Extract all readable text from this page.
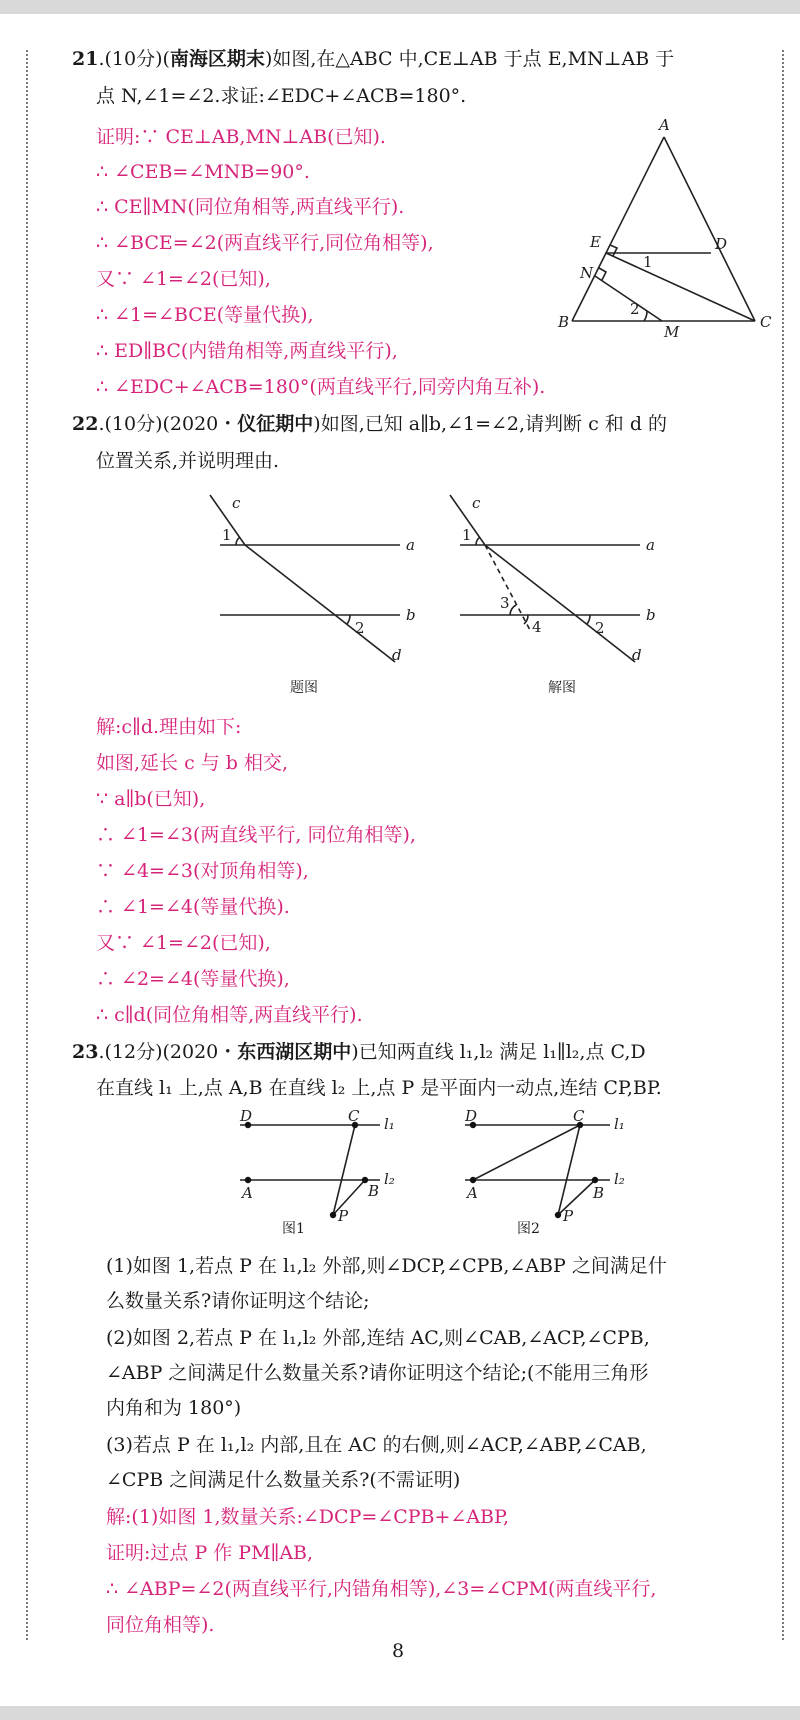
21.(10分)(南海区期末)如图,在△ABC 中,CE⊥AB 于点 E,MN⊥AB 于
点 N,∠1=∠2.求证:∠EDC+∠ACB=180°.
证明:∵ CE⊥AB,MN⊥AB(已知).
∴ ∠CEB=∠MNB=90°.
∴ CE∥MN(同位角相等,两直线平行).
∴ ∠BCE=∠2(两直线平行,同位角相等),
又∵ ∠1=∠2(已知),
∴ ∠1=∠BCE(等量代换),
∴ ED∥BC(内错角相等,两直线平行),
∴ ∠EDC+∠ACB=180°(两直线平行,同旁内角互补).
A
B	C
D
E
N
M
1
2
22.(10分)(2020・仪征期中)如图,已知 a∥b,∠1=∠2,请判断 c 和 d 的
位置关系,并说明理由.
c
a
b
d
1
2
题图
c
a
b
d
1
2
3
4
解图
解:c∥d.理由如下:
如图,延长 c 与 b 相交,
∵ a∥b(已知),
∴ ∠1=∠3(两直线平行, 同位角相等),
∵ ∠4=∠3(对顶角相等),
∴ ∠1=∠4(等量代换).
又∵ ∠1=∠2(已知),
∴ ∠2=∠4(等量代换),
∴ c∥d(同位角相等,两直线平行).
23.(12分)(2020・东西湖区期中)已知两直线 l₁,l₂ 满足 l₁∥l₂,点 C,D
在直线 l₁ 上,点 A,B 在直线 l₂ 上,点 P 是平面内一动点,连结 CP,BP.
D	C
A	B
P
l₁
l₂
图1
D	C
A	B
P
l₁
l₂
图2
(1)如图 1,若点 P 在 l₁,l₂ 外部,则∠DCP,∠CPB,∠ABP 之间满足什
么数量关系?请你证明这个结论;
(2)如图 2,若点 P 在 l₁,l₂ 外部,连结 AC,则∠CAB,∠ACP,∠CPB,
∠ABP 之间满足什么数量关系?请你证明这个结论;(不能用三角形
内角和为 180°)
(3)若点 P 在 l₁,l₂ 内部,且在 AC 的右侧,则∠ACP,∠ABP,∠CAB,
∠CPB 之间满足什么数量关系?(不需证明)
解:(1)如图 1,数量关系:∠DCP=∠CPB+∠ABP,
证明:过点 P 作 PM∥AB,
∴ ∠ABP=∠2(两直线平行,内错角相等),∠3=∠CPM(两直线平行,
同位角相等).
8
